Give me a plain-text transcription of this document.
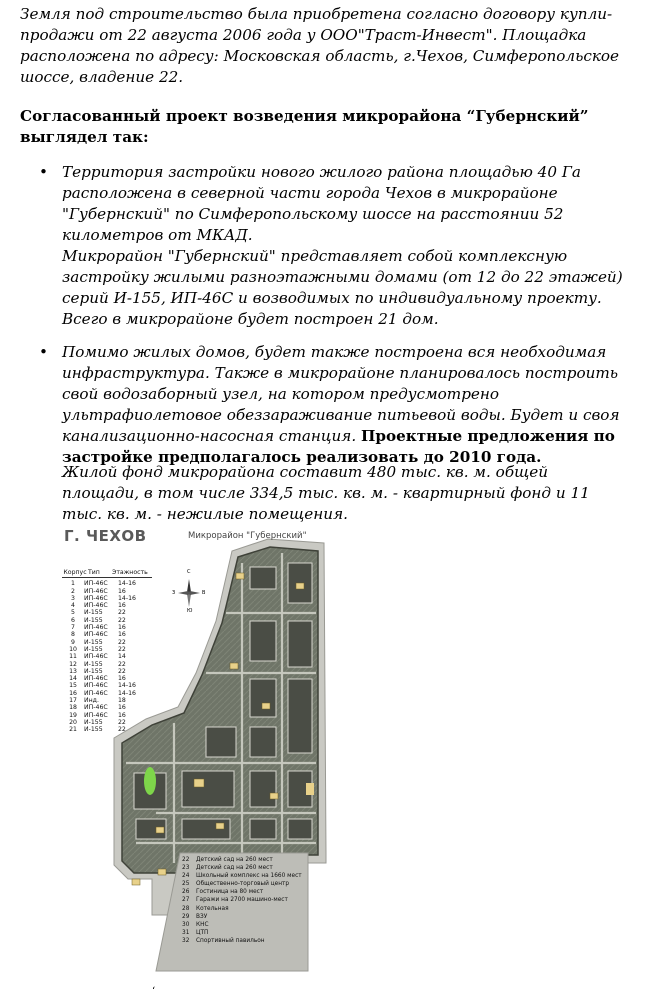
Земля под строительство была приобретена согласно договору купли-продажи от 22 августа 2006 года у ООО"Траст-Инвест". Площадка расположена по адресу: Московская область, г.Чехов, Симферопольское шоссе, владение 22.

Согласованный проект возведения микрорайона “Губернский” выглядел так:

• Территория застройки нового жилого района площадью 40 Га расположена в северной части города Чехов в микрорайоне "Губернский" по Симферопольскому шоссе на расстоянии 52 километров от МКАД.
Микрорайон "Губернский" представляет собой комплексную застройку жилыми разноэтажными домами (от 12 до 22 этажей) серий И-155, ИП-46С и возводимых по индивидуальному проекту. Всего в микрорайоне будет построен 21 дом.
• Помимо жилых домов, будет также построена вся необходимая инфраструктура. Также в микрорайоне планировалось построить свой водозаборный узел, на котором предусмотрено ультрафиолетовое обеззараживание питьевой воды. Будет и своя канализационно-насосная станция. Проектные предложения по застройке предполагалось реализовать до 2010 года.

Жилой фонд микрорайона составит 480 тыс. кв. м. общей площади, в том числе 334,5 тыс. кв. м. - квартирный фонд и 11 тыс. кв. м. - нежилые помещения.

Г. ЧЕХОВ	Микрорайон "Губернский"
С
Ю
З	В
Корпус Тип	Этажность
1	ИП-46С	14-16
2	ИП-46С	16
3	ИП-46С	14-16
4	ИП-46С	16
5	И-155	22
6	И-155	22
7	ИП-46С	16
8	ИП-46С	16
9	И-155	22
10	И-155	22
11	ИП-46С	14
12	И-155	22
13	И-155	22
14	ИП-46С	16
15	ИП-46С	14-16
16	ИП-46С	14-16
17	Инд.	18
18	ИП-46С	16
19	ИП-46С	16
20	И-155	22
21	И-155	22
22	Детский сад на 260 мест
23	Детский сад на 260 мест
24	Школьный комплекс на 1660 мест
25	Общественно-торговый центр
26	Гостиница на 80 мест
27	Гаражи на 2700 машино-мест
28	Котельная
29	ВЗУ
30	КНС
31	ЦТП
32	Спортивный павильон
‘
